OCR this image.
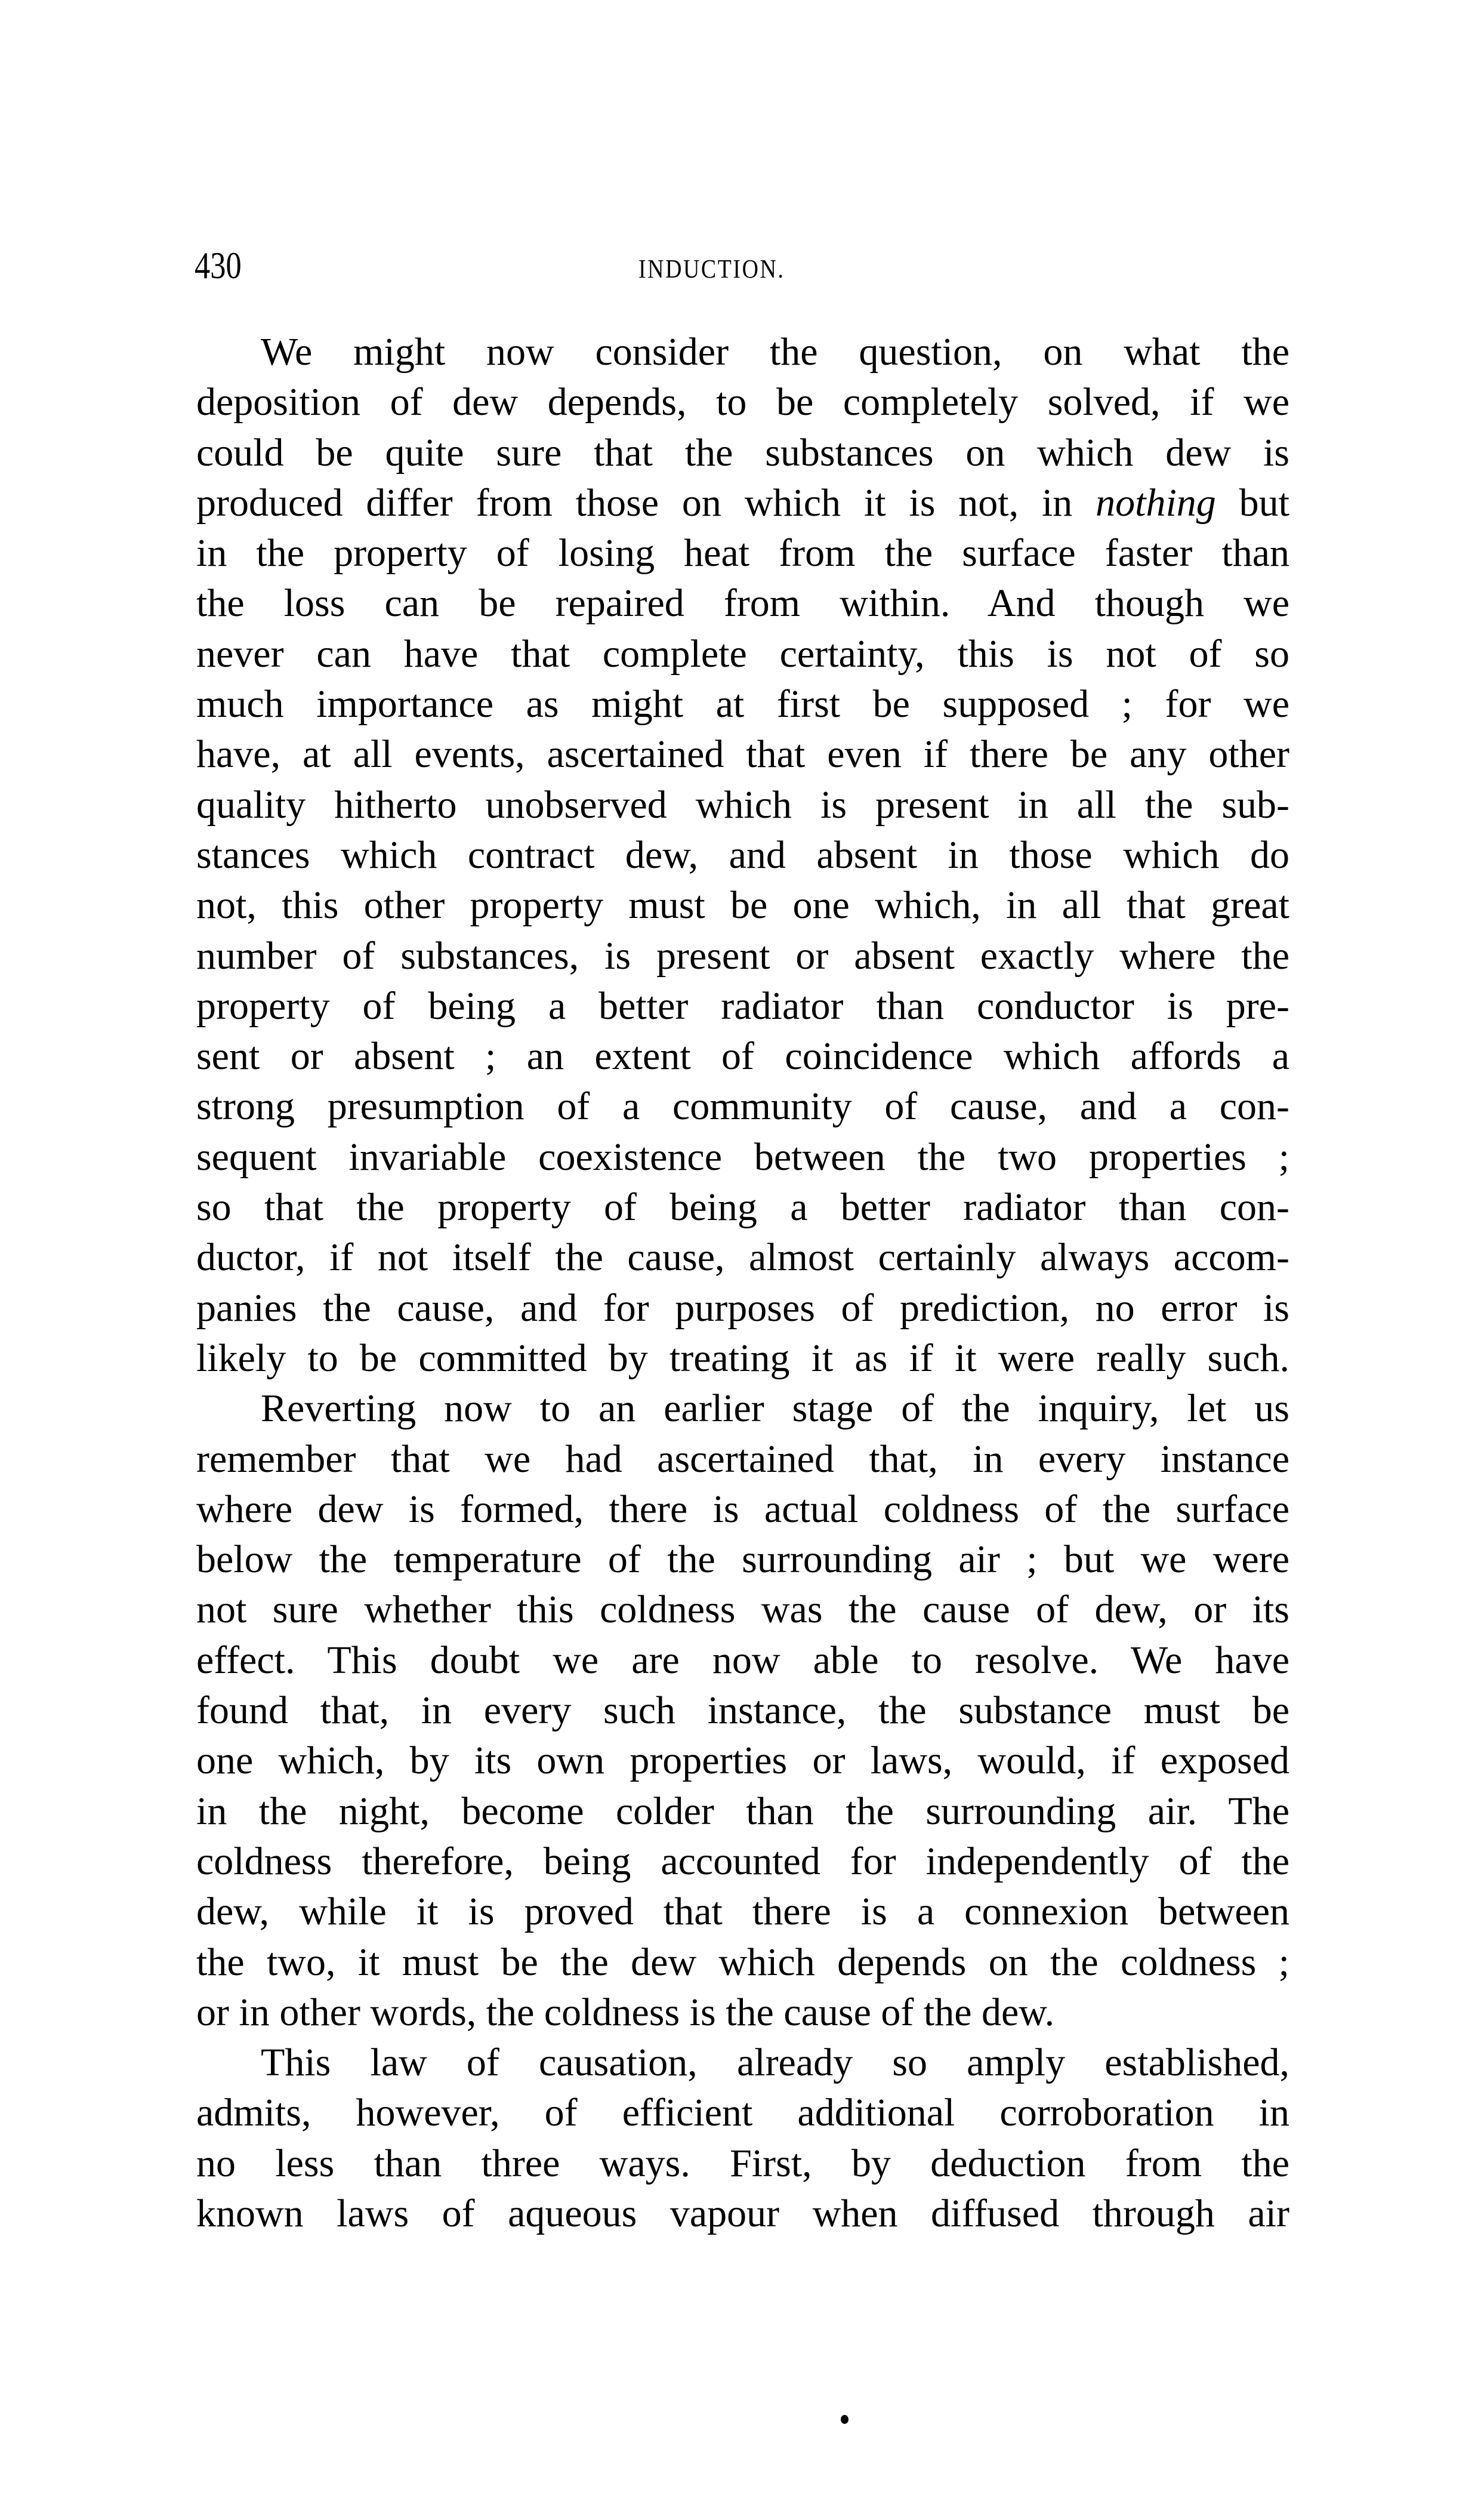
430	INDUCTION.
We might now consider the question, on what the
deposition of dew depends, to be completely solved, if we
could be quite sure that the substances on which dew is
produced differ from those on which it is not, in nothing but
in the property of losing heat from the surface faster than
the loss can be repaired from within. And though we
never can have that complete certainty, this is not of so
much importance as might at first be supposed ; for we
have, at all events, ascertained that even if there be any other
quality hitherto unobserved which is present in all the sub-
stances which contract dew, and absent in those which do
not, this other property must be one which, in all that great
number of substances, is present or absent exactly where the
property of being a better radiator than conductor is pre-
sent or absent ; an extent of coincidence which affords a
strong presumption of a community of cause, and a con-
sequent invariable coexistence between the two properties ;
so that the property of being a better radiator than con-
ductor, if not itself the cause, almost certainly always accom-
panies the cause, and for purposes of prediction, no error is
likely to be committed by treating it as if it were really such.
Reverting now to an earlier stage of the inquiry, let us
remember that we had ascertained that, in every instance
where dew is formed, there is actual coldness of the surface
below the temperature of the surrounding air ; but we were
not sure whether this coldness was the cause of dew, or its
effect. This doubt we are now able to resolve. We have
found that, in every such instance, the substance must be
one which, by its own properties or laws, would, if exposed
in the night, become colder than the surrounding air. The
coldness therefore, being accounted for independently of the
dew, while it is proved that there is a connexion between
the two, it must be the dew which depends on the coldness ;
or in other words, the coldness is the cause of the dew.
This law of causation, already so amply established,
admits, however, of efficient additional corroboration in
no less than three ways. First, by deduction from the
known laws of aqueous vapour when diffused through air
